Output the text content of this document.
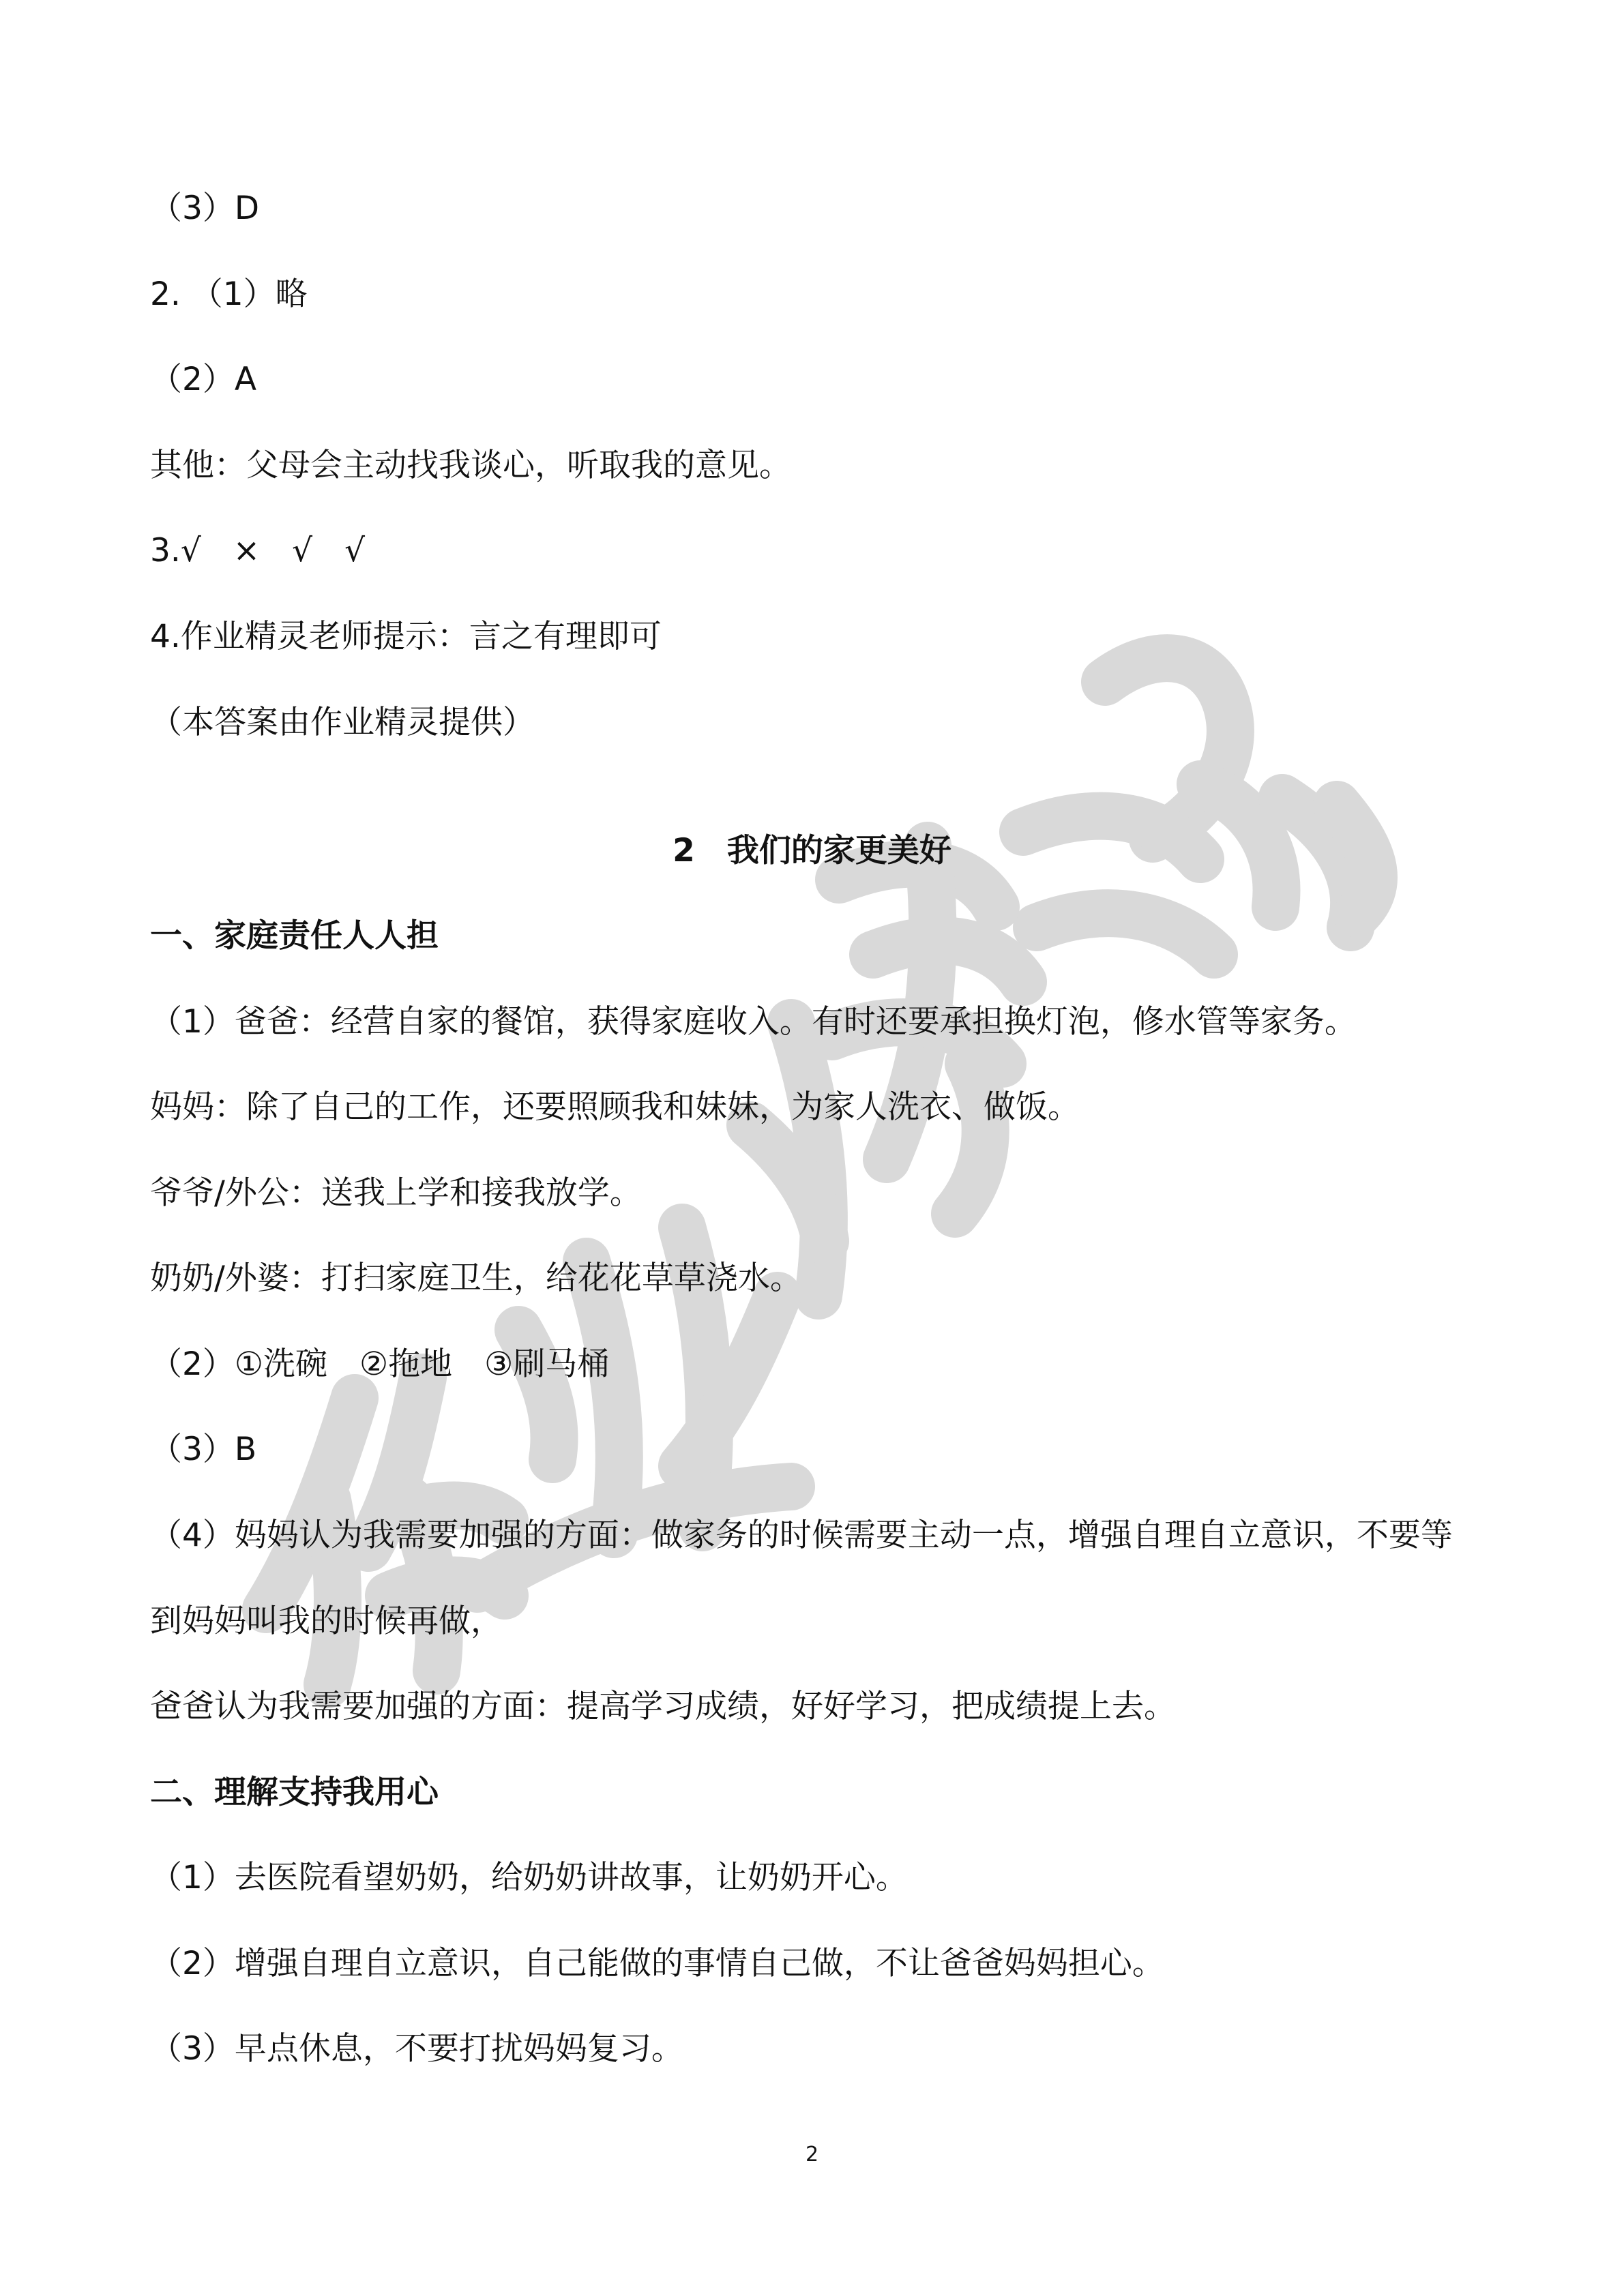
（3）D

2. （1）略

（2）A

其他：父母会主动找我谈心，听取我的意见。

3.√　×　√　√

4.作业精灵老师提示：言之有理即可

（本答案由作业精灵提供）

2　我们的家更美好

一、家庭责任人人担

（1）爸爸：经营自家的餐馆，获得家庭收入。有时还要承担换灯泡，修水管等家务。

妈妈：除了自己的工作，还要照顾我和妹妹，为家人洗衣、做饭。

爷爷/外公：送我上学和接我放学。

奶奶/外婆：打扫家庭卫生，给花花草草浇水。

（2）①洗碗　②拖地　③刷马桶

（3）B

（4）妈妈认为我需要加强的方面：做家务的时候需要主动一点，增强自理自立意识，不要等

到妈妈叫我的时候再做，

爸爸认为我需要加强的方面：提高学习成绩，好好学习，把成绩提上去。

二、理解支持我用心

（1）去医院看望奶奶，给奶奶讲故事，让奶奶开心。

（2）增强自理自立意识，自己能做的事情自己做，不让爸爸妈妈担心。

（3）早点休息，不要打扰妈妈复习。

2
